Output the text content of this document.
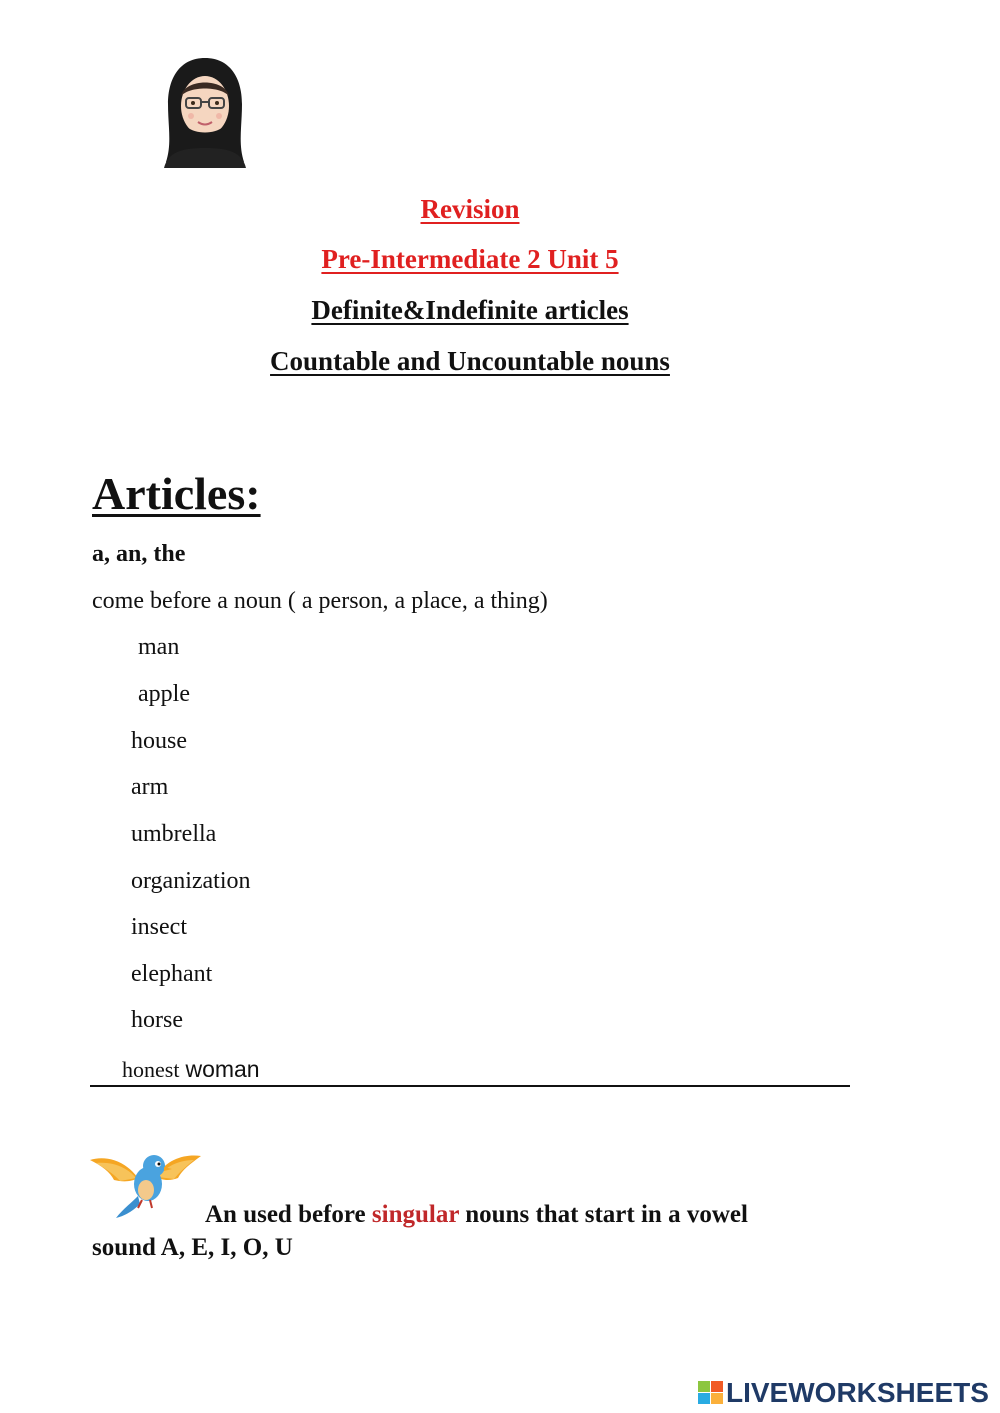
Revision
Pre-Intermediate 2 Unit 5
Definite&Indefinite articles
Countable and Uncountable nouns
Articles:
a, an, the
come before a noun ( a person, a place, a thing)
man
apple
house
arm
umbrella
organization
insect
elephant
horse
honest woman
An used before singular nouns that start in a vowel
sound A, E, I, O, U
LIVEWORKSHEETS
